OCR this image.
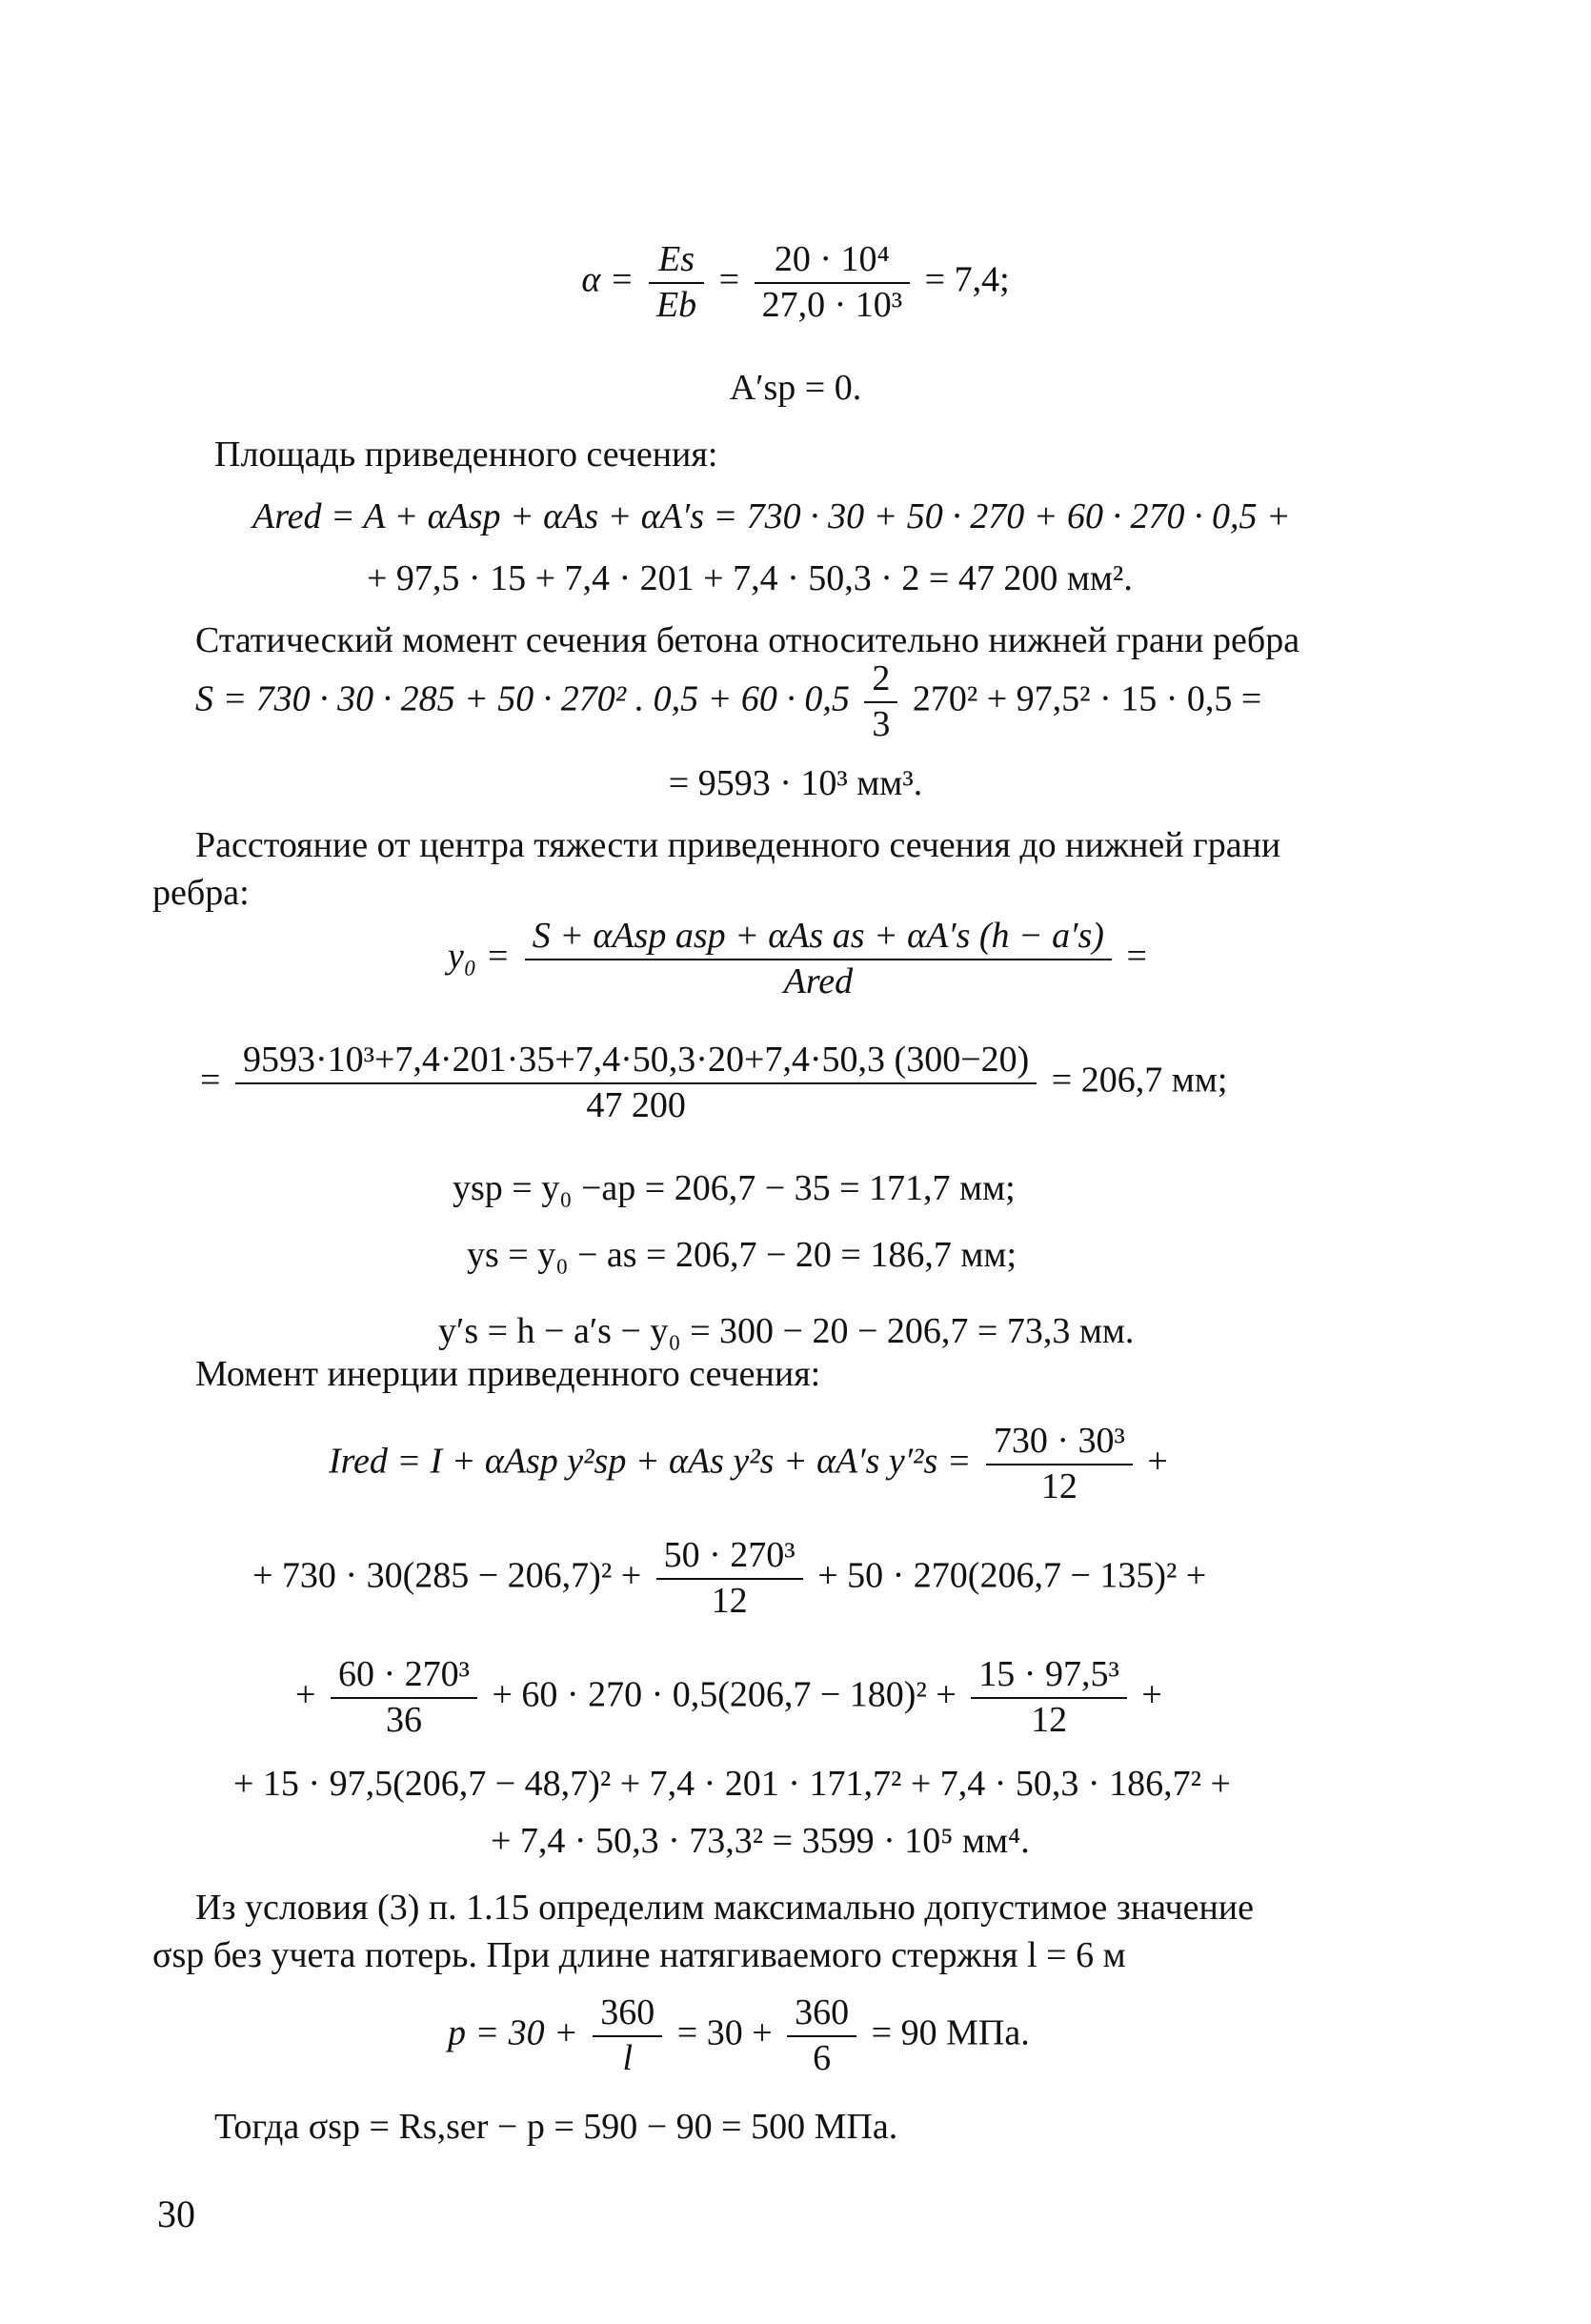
$\alpha = \frac{Es}{Eb} = \frac{\text{20 · 10⁴}}{\text{27,0 · 10³}} = 7,4$;
A′sp = 0.
Площадь приведенного сечения:
Ared = A + αAsp + αAs + αA′s = 730 · 30 + 50 · 270 + 60 · 270 · 0,5 +
+ 97,5 · 15 + 7,4 · 201 + 7,4 · 50,3 · 2 = 47 200 мм².
Статический момент сечения бетона относительно нижней грани ребра
S = 730 · 30 · 285 + 50 · 270² . $0,5 + 60 \cdot 0,5 \frac{2}{3} 270^2 + 97,5^2 \cdot 15 \cdot 0,5$ =
= 9593 · 10³ мм³.
Расстояние от центра тяжести приведенного сечения до нижней грани
ребра:
$y_0 = \frac{\text{S + αAsp asp + αAs as + αA′s (h − a′s)}}{\text{Ared}}$ =
= $\frac{\text{9593·10³+7,4·201·35+7,4·50,3·20+7,4·50,3 (300−20)}}{47 200} = 206,7$ мм;
ysp = y₀ −ap = 206,7 − 35 = 171,7 мм;
ys = y₀ − as = 206,7 − 20 = 186,7 мм;
y′s = h − a′s − y₀ = 300 − 20 − 206,7 = 73,3 мм.
Момент инерции приведенного сечения:
Ired = I + αAsp y²sp + αAs y²s + αA′s $y'^2s = \frac{\text{730 · 30³}}{12}$ +
+ $730 \cdot 30(285 - 206,7)^2 + \frac{\text{50 · 270³}}{12} + 50 \cdot 270(206,7 - 135)^2$ +
+ $\frac{\text{60 · 270³}}{36} + 60 \cdot 270 \cdot 0,5(206,7 - 180)^2 + \frac{\text{15 · 97,5³}}{12}$ +
+ 15 · 97,5(206,7 − 48,7)² + 7,4 · 201 · 171,7² + 7,4 · 50,3 · 186,7² +
+ 7,4 · 50,3 · 73,3² = 3599 · 10⁵ мм⁴.
Из условия (3) п. 1.15 определим максимально допустимое значение
σsp без учета потерь. При длине натягиваемого стержня l = 6 м
$p = 30 + \frac{360}{l} = 30 + \frac{360}{6} = 90$ МПа.
Тогда σsp = Rs,ser − p = 590 − 90 = 500 МПа.
30
